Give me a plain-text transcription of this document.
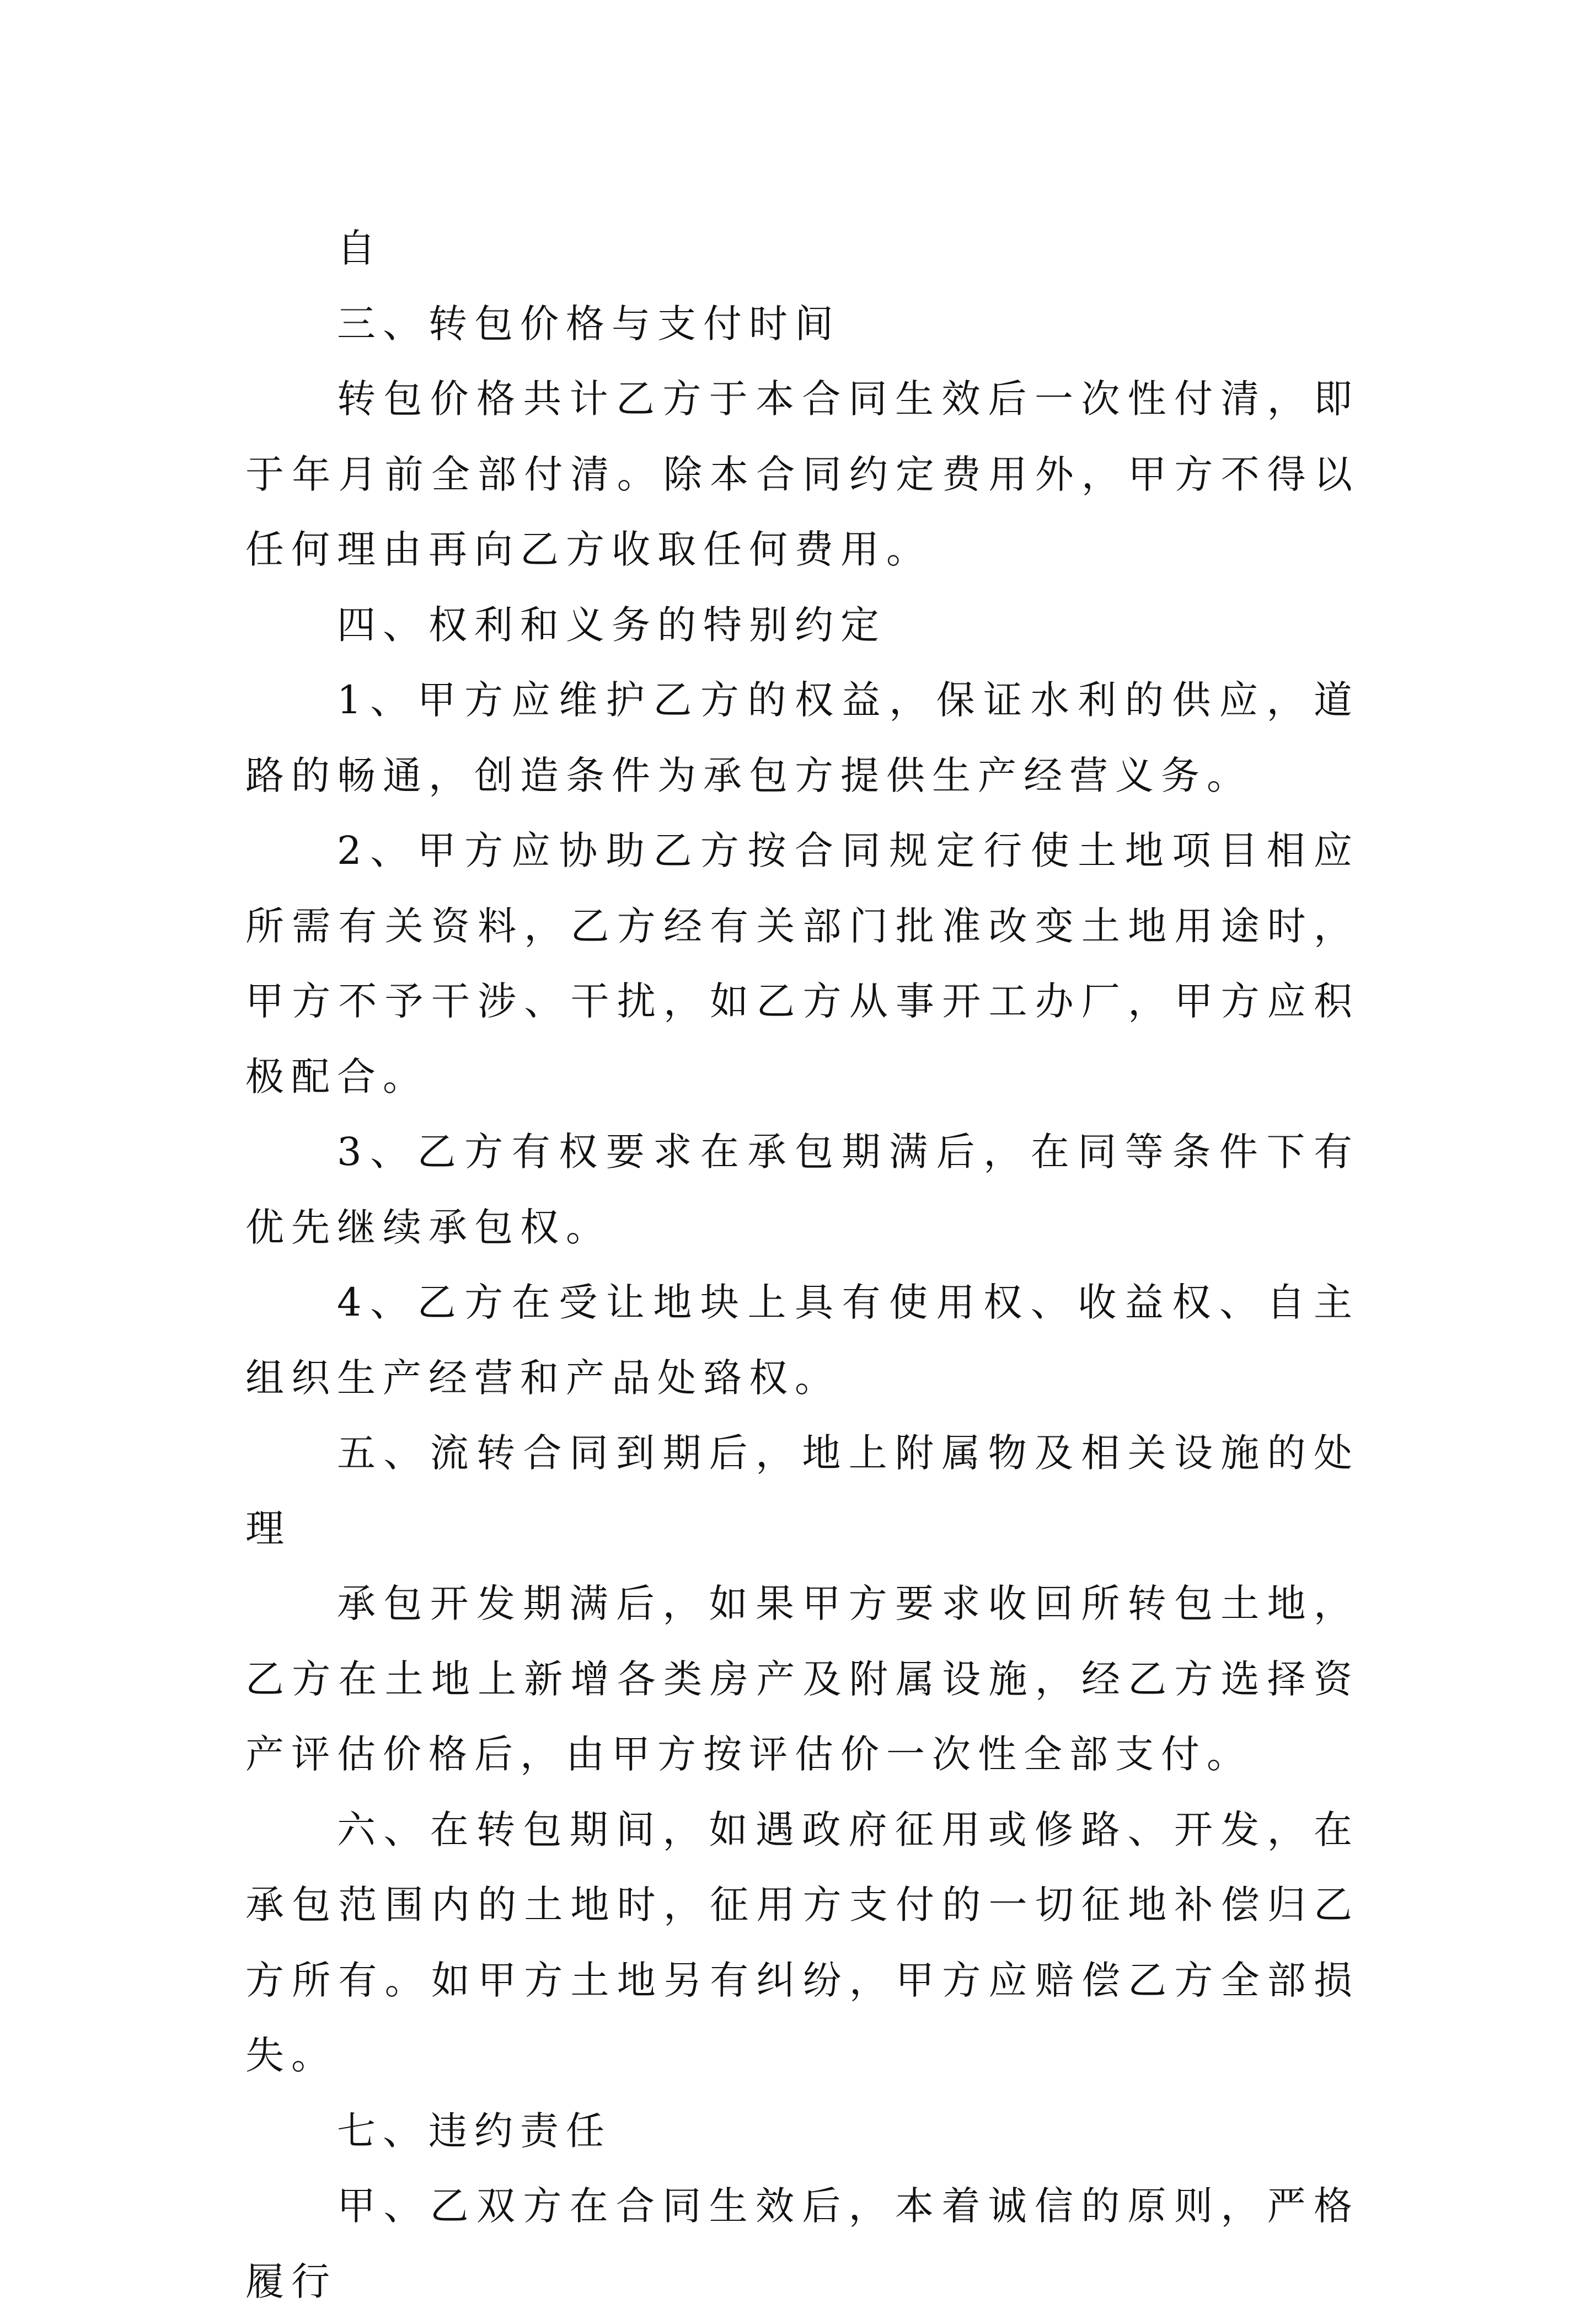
自

三、转包价格与支付时间

转包价格共计乙方于本合同生效后一次性付清，即于年月前全部付清。除本合同约定费用外，甲方不得以任何理由再向乙方收取任何费用。

四、权利和义务的特别约定

1、甲方应维护乙方的权益，保证水利的供应，道路的畅通，创造条件为承包方提供生产经营义务。

2、甲方应协助乙方按合同规定行使土地项目相应所需有关资料，乙方经有关部门批准改变土地用途时，甲方不予干涉、干扰，如乙方从事开工办厂，甲方应积极配合。

3、乙方有权要求在承包期满后，在同等条件下有优先继续承包权。

4、乙方在受让地块上具有使用权、收益权、自主组织生产经营和产品处臵权。

五、流转合同到期后，地上附属物及相关设施的处理

承包开发期满后，如果甲方要求收回所转包土地，乙方在土地上新增各类房产及附属设施，经乙方选择资产评估价格后，由甲方按评估价一次性全部支付。

六、在转包期间，如遇政府征用或修路、开发，在承包范围内的土地时，征用方支付的一切征地补偿归乙方所有。如甲方土地另有纠纷，甲方应赔偿乙方全部损失。

七、违约责任

甲、乙双方在合同生效后，本着诚信的原则，严格履行
